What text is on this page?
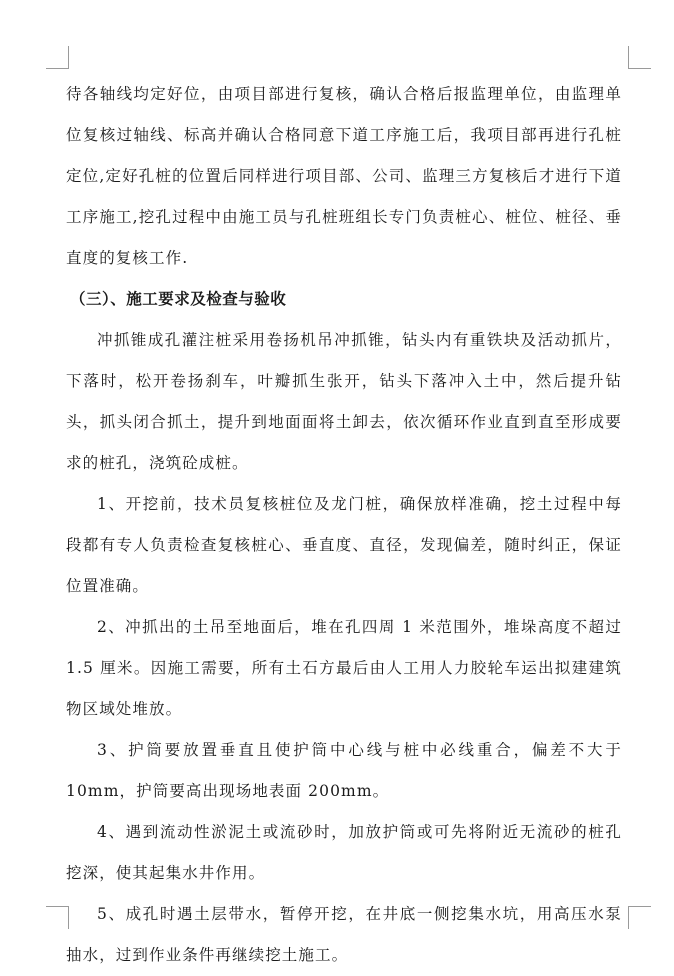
待各轴线均定好位，由项目部进行复核，确认合格后报监理单位，由监理单位复核过轴线、标高并确认合格同意下道工序施工后，我项目部再进行孔桩定位,定好孔桩的位置后同样进行项目部、公司、监理三方复核后才进行下道工序施工,挖孔过程中由施工员与孔桩班组长专门负责桩心、桩位、桩径、垂直度的复核工作.

（三）、施工要求及检查与验收

冲抓锥成孔灌注桩采用卷扬机吊冲抓锥，钻头内有重铁块及活动抓片，下落时，松开卷扬刹车，叶瓣抓生张开，钻头下落冲入土中，然后提升钻头，抓头闭合抓土，提升到地面面将土卸去，依次循环作业直到直至形成要求的桩孔，浇筑砼成桩。

1、开挖前，技术员复核桩位及龙门桩，确保放样准确，挖土过程中每段都有专人负责检查复核桩心、垂直度、直径，发现偏差，随时纠正，保证位置准确。

2、冲抓出的土吊至地面后，堆在孔四周 1 米范围外，堆垛高度不超过 1.5 厘米。因施工需要，所有土石方最后由人工用人力胶轮车运出拟建建筑物区域处堆放。

3、护筒要放置垂直且使护筒中心线与桩中必线重合，偏差不大于 10mm，护筒要高出现场地表面 200mm。

4、遇到流动性淤泥土或流砂时，加放护筒或可先将附近无流砂的桩孔挖深，使其起集水井作用。

5、成孔时遇土层带水，暂停开挖，在井底一侧挖集水坑，用高压水泵抽水，过到作业条件再继续挖土施工。
